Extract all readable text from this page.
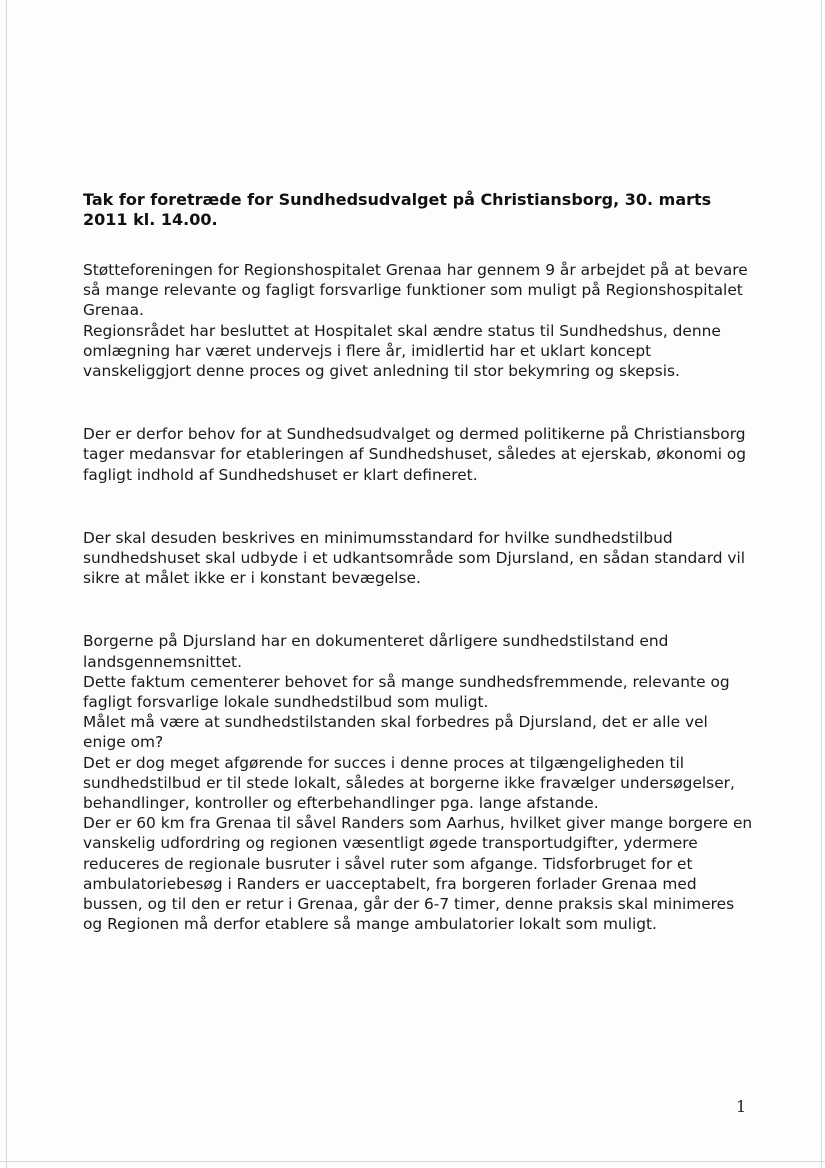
Tak for foretræde for Sundhedsudvalget på Christiansborg, 30. marts 2011 kl. 14.00.

Støtteforeningen for Regionshospitalet Grenaa har gennem 9 år arbejdet på at bevare så mange relevante og fagligt forsvarlige funktioner som muligt på Regionshospitalet Grenaa.

Regionsrådet har besluttet at Hospitalet skal ændre status til Sundhedshus, denne omlægning har været undervejs i flere år, imidlertid har et uklart koncept vanskeliggjort denne proces og givet anledning til stor bekymring og skepsis.

Der er derfor behov for at Sundhedsudvalget og dermed politikerne på Christiansborg tager medansvar for etableringen af Sundhedshuset, således at ejerskab, økonomi og fagligt indhold af Sundhedshuset er klart defineret.

Der skal desuden beskrives en minimumsstandard for hvilke sundhedstilbud sundhedshuset skal udbyde i et udkantsområde som Djursland, en sådan standard vil sikre at målet ikke er i konstant bevægelse.

Borgerne på Djursland har en dokumenteret dårligere sundhedstilstand end landsgennemsnittet.

Dette faktum cementerer behovet for så mange sundhedsfremmende, relevante og fagligt forsvarlige lokale sundhedstilbud som muligt.

Målet må være at sundhedstilstanden skal forbedres på Djursland, det er alle vel enige om?

Det er dog meget afgørende for succes i denne proces at tilgængeligheden til sundhedstilbud er til stede lokalt, således at borgerne ikke fravælger undersøgelser, behandlinger, kontroller og efterbehandlinger pga. lange afstande.

Der er 60 km fra Grenaa til såvel Randers som Aarhus, hvilket giver mange borgere en vanskelig udfordring og regionen væsentligt øgede transportudgifter, ydermere reduceres de regionale busruter i såvel ruter som afgange. Tidsforbruget for et ambulatoriebesøg i Randers er uacceptabelt, fra borgeren forlader Grenaa med bussen, og til den er retur i Grenaa, går der 6-7 timer, denne praksis skal minimeres og Regionen må derfor etablere så mange ambulatorier lokalt som muligt.

1
